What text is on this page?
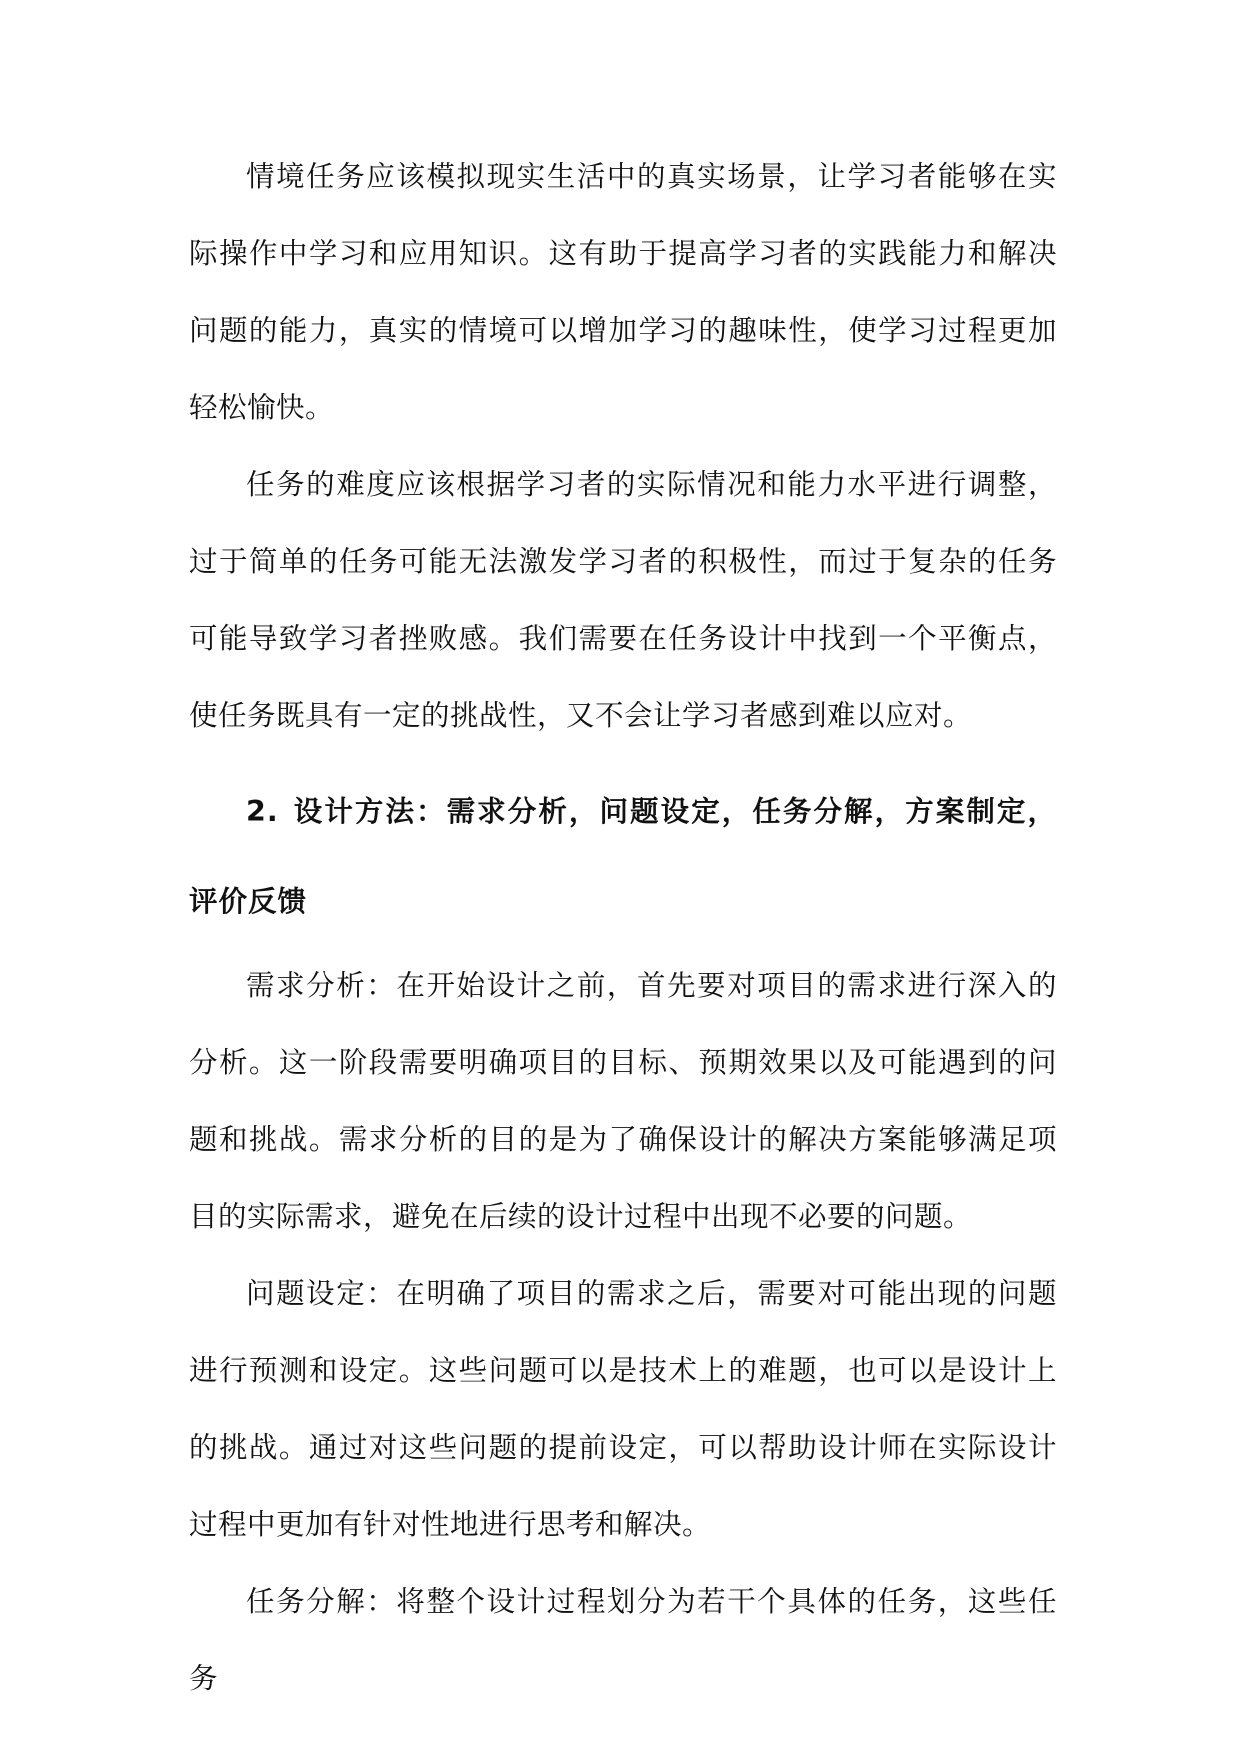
情境任务应该模拟现实生活中的真实场景，让学习者能够在实际操作中学习和应用知识。这有助于提高学习者的实践能力和解决问题的能力，真实的情境可以增加学习的趣味性，使学习过程更加轻松愉快。

任务的难度应该根据学习者的实际情况和能力水平进行调整，过于简单的任务可能无法激发学习者的积极性，而过于复杂的任务可能导致学习者挫败感。我们需要在任务设计中找到一个平衡点，使任务既具有一定的挑战性，又不会让学习者感到难以应对。

2. 设计方法：需求分析，问题设定，任务分解，方案制定，评价反馈

需求分析：在开始设计之前，首先要对项目的需求进行深入的分析。这一阶段需要明确项目的目标、预期效果以及可能遇到的问题和挑战。需求分析的目的是为了确保设计的解决方案能够满足项目的实际需求，避免在后续的设计过程中出现不必要的问题。

问题设定：在明确了项目的需求之后，需要对可能出现的问题进行预测和设定。这些问题可以是技术上的难题，也可以是设计上的挑战。通过对这些问题的提前设定，可以帮助设计师在实际设计过程中更加有针对性地进行思考和解决。

任务分解：将整个设计过程划分为若干个具体的任务，这些任务
